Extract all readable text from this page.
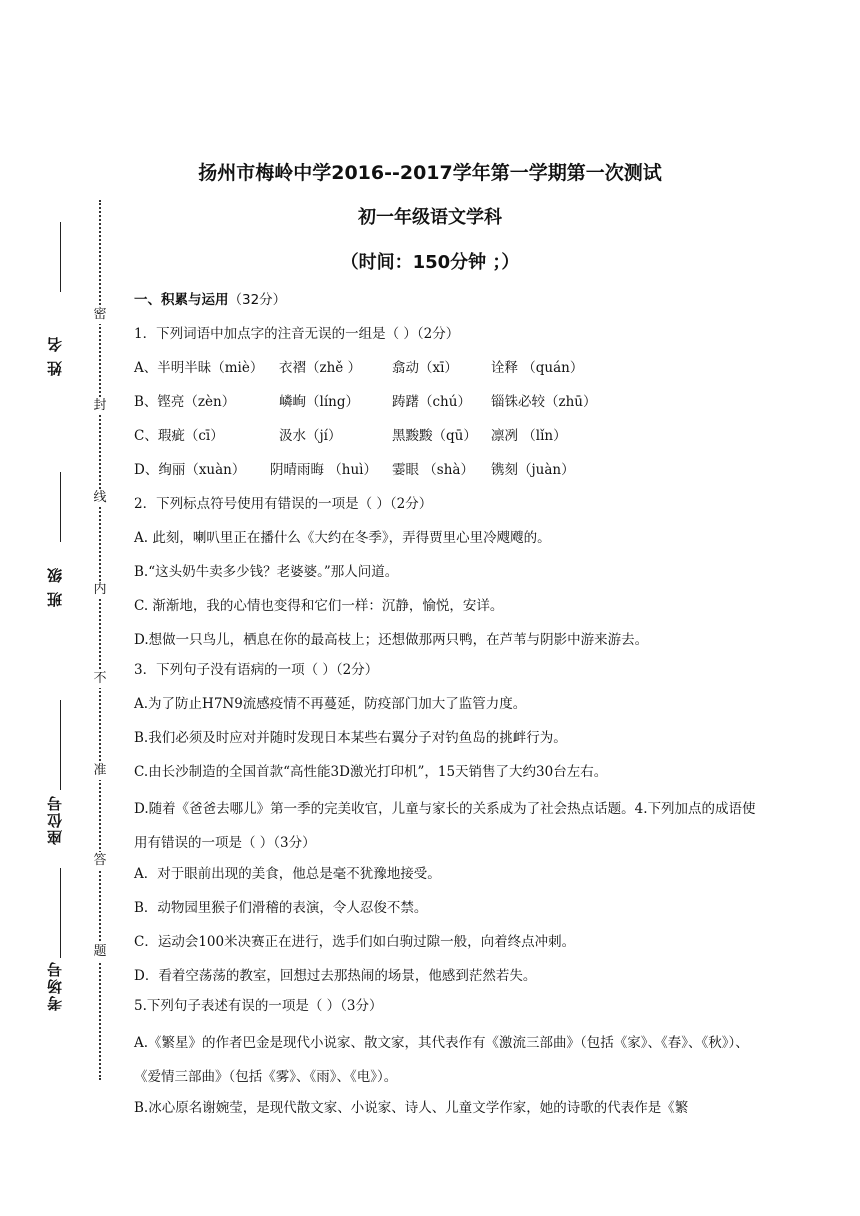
姓 名
班 级
座位号
考场号
密
封
线
内
不
准
答
题
扬州市梅岭中学2016--2017学年第一学期第一次测试
初一年级语文学科
（时间：150分钟 ；）
一、积累与运用（32分）
1．下列词语中加点字的注音无误的一组是（ ）（2分）
A、半明半昧（miè） 衣褶（zhě ） 翕动（xī） 诠释 （quán）
B、铿亮（zèn）	嶙峋（líng） 踌躇（chú） 锱铢必较（zhū）
C、瑕疵（cī）	汲水（jí）	黑黢黢（qū） 凛冽 （lǐn）
D、绚丽（xuàn） 阴晴雨晦 （huì） 霎眼 （shà） 镌刻（juàn）
2．下列标点符号使用有错误的一项是（ ）（2分）
A. 此刻，喇叭里正在播什么《大约在冬季》，弄得贾里心里冷飕飕的。
B.“这头奶牛卖多少钱？老婆婆。”那人问道。
C. 渐渐地，我的心情也变得和它们一样：沉静，愉悦，安详。
D.想做一只鸟儿，栖息在你的最高枝上；还想做那两只鸭，在芦苇与阴影中游来游去。
3．下列句子没有语病的一项（ ）（2分）
A.为了防止H7N9流感疫情不再蔓延，防疫部门加大了监管力度。
B.我们必须及时应对并随时发现日本某些右翼分子对钓鱼岛的挑衅行为。
C.由长沙制造的全国首款“高性能3D激光打印机”，15天销售了大约30台左右。
D.随着《爸爸去哪儿》第一季的完美收官，儿童与家长的关系成为了社会热点话题。4.下列加点的成语使用有错误的一项是（ ）（3分）
A．对于眼前出现的美食，他总是毫不犹豫地接受。
B．动物园里猴子们滑稽的表演，令人忍俊不禁。
C．运动会100米决赛正在进行，选手们如白驹过隙一般，向着终点冲刺。
D．看着空荡荡的教室，回想过去那热闹的场景，他感到茫然若失。
5.下列句子表述有误的一项是（ ）（3分）
A.《繁星》的作者巴金是现代小说家、散文家，其代表作有《激流三部曲》（包括《家》、《春》、《秋》）、《爱情三部曲》（包括《雾》、《雨》、《电》）。
B.冰心原名谢婉莹，是现代散文家、小说家、诗人、儿童文学作家，她的诗歌的代表作是《繁
